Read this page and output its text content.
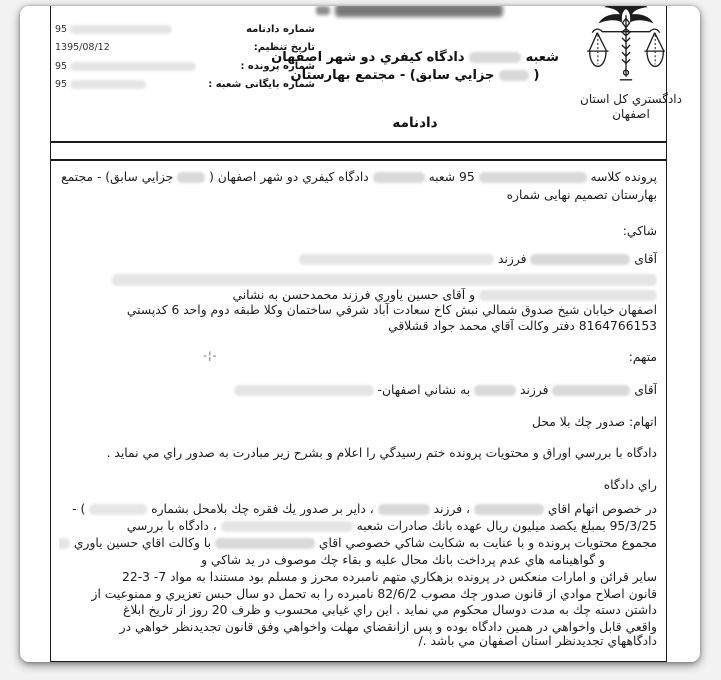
دادگستري کل استان
اصفهان
پرونده کلاسه  95 شعبه  دادگاه کیفري دو شهر اصفهان (  جزایي سابق) - مجتمع
بهارستان تصمیم نهایی شماره
شاکي:
آقای  فرزند
و آقای حسین یاوري فرزند محمدحسن به نشاني
اصفهان خیابان شیخ صدوق شمالي نبش کاخ سعادت آباد شرقي ساختمان وکلا طبقه دوم واحد 6 کدپستي
8164766153 دفتر وکالت آقاي محمد جواد قشلاقي
متهم:
آقای  فرزند  به نشاني اصفهان-
اتهام: صدور چك بلا محل
دادگاه با بررسي اوراق و محتویات پرونده ختم رسیدگي را اعلام و بشرح زیر مبادرت به صدور راي مي نماید .
راي دادگاه
در خصوص اتهام اقاي  ، فرزند  ، دایر بر صدور یك فقره چك بلامحل بشماره  - (
95/3/25 بمبلغ یکصد میلیون ریال عهده بانك صادرات شعبه  ، دادگاه با بررسي
مجموع محتویات پرونده و با عنایت به شکایت شاکي خصوصي اقاي  با وکالت اقاي حسین یاوري
و گواهینامه هاي عدم پرداخت بانك محال علیه و بقاء چك موصوف در ید شاکي و
سایر قرائن و امارات منعکس در پرونده بزهکاري متهم نامبرده محرز و مسلم بود مستندا به مواد -7 22-3
قانون اصلاح موادي از قانون صدور چك مصوب 82/6/2 نامبرده را به تحمل دو سال حبس تعزیري و ممنوعیت از
داشتن دسته چك به مدت دوسال محکوم مي نماید . این راي غیابي محسوب و ظرف 20 روز از تاریخ ابلاغ
واقعي قابل واخواهي در همین دادگاه بوده و پس ازانقضاي مهلت واخواهي وفق قانون تجدیدنظر خواهي در
دادگاههاي تجدیدنظر استان اصفهان مي باشد /.
-¦-
شماره دادنامه
95
تاریخ تنظیم:
1395/08/12
شماره پرونده :
95
شماره بایگانی شعبه :
95
شعبه  دادگاه کیفري دو شهر اصفهان
(  جزایي سابق) - مجتمع بهارستان
دادنامه
